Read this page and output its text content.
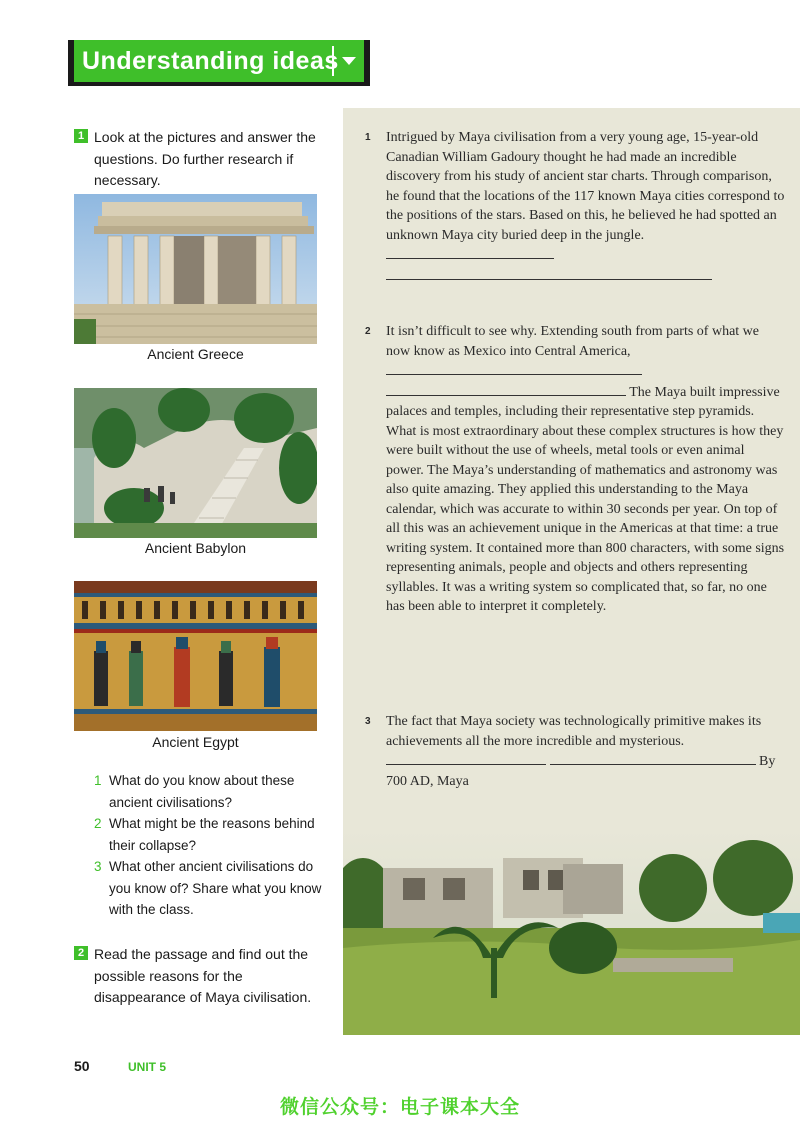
Understanding ideas
1 Look at the pictures and answer the questions. Do further research if necessary.
Ancient Greece
Ancient Babylon
Ancient Egypt
1 What do you know about these ancient civilisations?
2 What might be the reasons behind their collapse?
3 What other ancient civilisations do you know of? Share what you know with the class.
2 Read the passage and find out the possible reasons for the disappearance of Maya civilisation.
1	Intrigued by Maya civilisation from a very young age, 15-year-old Canadian William Gadoury thought he had made an incredible discovery from his study of ancient star charts. Through comparison, he found that the locations of the 117 known Maya cities correspond to the positions of the stars. Based on this, he believed he had spotted an unknown Maya city buried deep in the jungle.
2	It isn’t difficult to see why. Extending south from parts of what we now know as Mexico into Central America,   The Maya built impressive palaces and temples, including their representative step pyramids. What is most extraordinary about these complex structures is how they were built without the use of wheels, metal tools or even animal power. The Maya’s understanding of mathematics and astronomy was also quite amazing. They applied this understanding to the Maya calendar, which was accurate to within 30 seconds per year. On top of all this was an achievement unique in the Americas at that time: a true writing system. It contained more than 800 characters, with some signs representing animals, people and objects and others representing syllables. It was a writing system so complicated that, so far, no one has been able to interpret it completely.
3	The fact that Maya society was technologically primitive makes its achievements all the more incredible and mysterious.   By 700 AD, Maya
50	UNIT 5
微信公众号：电子课本大全
